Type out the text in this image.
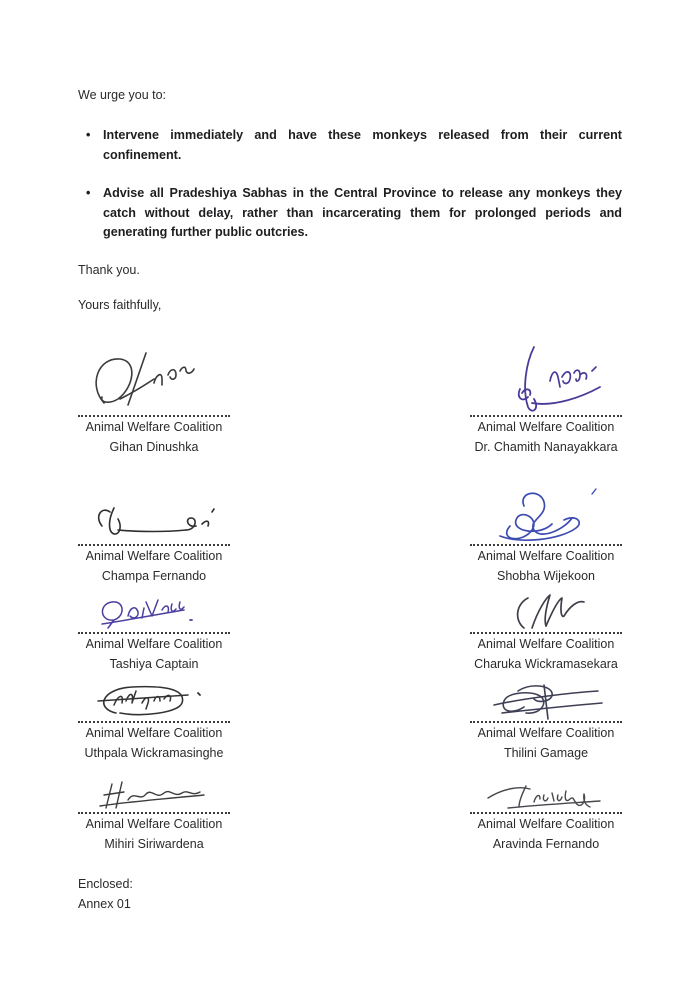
We urge you to:

• Intervene immediately and have these monkeys released from their current confinement.
• Advise all Pradeshiya Sabhas in the Central Province to release any monkeys they catch without delay, rather than incarcerating them for prolonged periods and generating further public outcries.

Thank you.

Yours faithfully,

Animal Welfare Coalition
Gihan Dinushka
Animal Welfare Coalition
Dr. Chamith Nanayakkara
Animal Welfare Coalition
Champa Fernando
Animal Welfare Coalition
Shobha Wijekoon
Animal Welfare Coalition
Tashiya Captain
Animal Welfare Coalition
Charuka Wickramasekara
Animal Welfare Coalition
Uthpala Wickramasinghe
Animal Welfare Coalition
Thilini Gamage
Animal Welfare Coalition
Mihiri Siriwardena
Animal Welfare Coalition
Aravinda Fernando
Enclosed:
Annex 01
